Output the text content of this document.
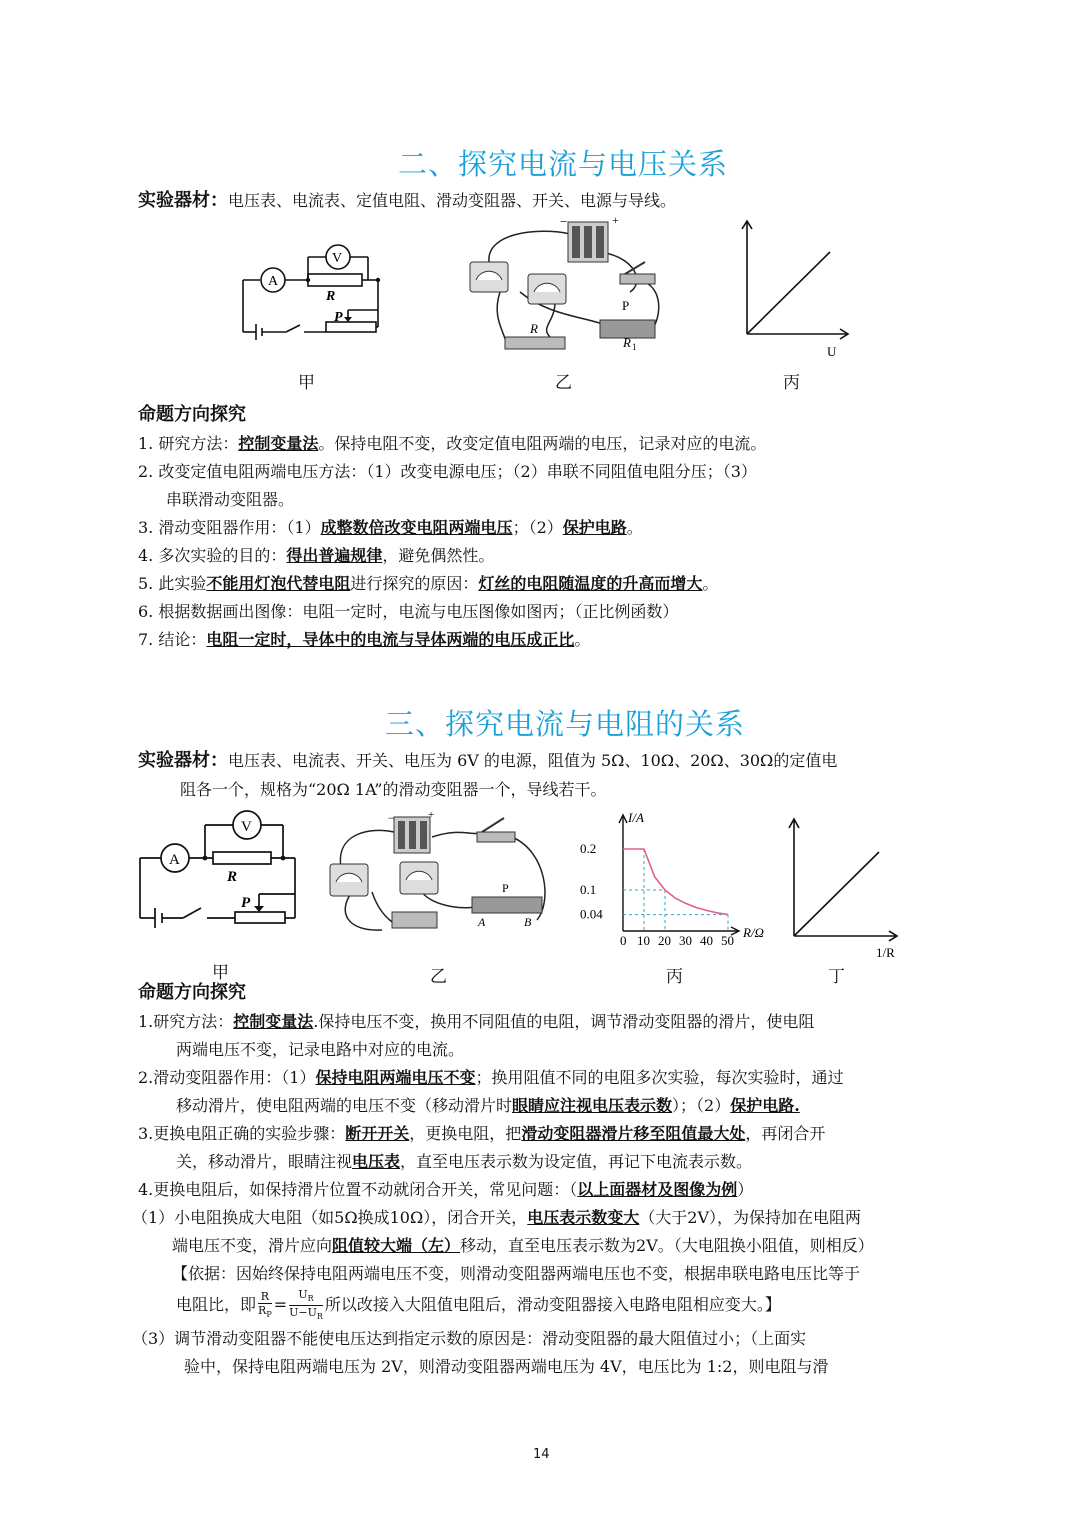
二、探究电流与电压关系
实验器材：电压表、电流表、定值电阻、滑动变阻器、开关、电源与导线。
V
A
R
P
−	+
R
P
R 1	U
甲	乙	丙
命题方向探究
1. 研究方法：控制变量法。保持电阻不变，改变定值电阻两端的电压，记录对应的电流。
2. 改变定值电阻两端电压方法：（1）改变电源电压；（2）串联不同阻值电阻分压；（3）
串联滑动变阻器。
3. 滑动变阻器作用：（1）成整数倍改变电阻两端电压；（2）保护电路。
4. 多次实验的目的：得出普遍规律，避免偶然性。
5. 此实验不能用灯泡代替电阻进行探究的原因：灯丝的电阻随温度的升高而增大。
6. 根据数据画出图像：电阻一定时，电流与电压图像如图丙；（正比例函数）
7. 结论：电阻一定时，导体中的电流与导体两端的电压成正比。
三、探究电流与电阻的关系
实验器材：电压表、电流表、开关、电压为 6V 的电源，阻值为 5Ω、10Ω、20Ω、30Ω的定值电
阻各一个，规格为“20Ω 1A”的滑动变阻器一个，导线若干。
V
A
R
P
−	+
P
A	B
0 10 20 30 40 50
0.2
0.1
0.04
I/A
R/Ω
1/R
甲	乙	丙	丁
命题方向探究
1.研究方法：控制变量法.保持电压不变，换用不同阻值的电阻，调节滑动变阻器的滑片，使电阻
两端电压不变，记录电路中对应的电流。
2.滑动变阻器作用：（1）保持电阻两端电压不变；换用阻值不同的电阻多次实验，每次实验时，通过
移动滑片，使电阻两端的电压不变（移动滑片时眼睛应注视电压表示数）；（2）保护电路.
3.更换电阻正确的实验步骤：断开开关，更换电阻，把滑动变阻器滑片移至阻值最大处，再闭合开
关，移动滑片，眼睛注视电压表，直至电压表示数为设定值，再记下电流表示数。
4.更换电阻后，如保持滑片位置不动就闭合开关，常见问题：（以上面器材及图像为例）
（1）小电阻换成大电阻（如5Ω换成10Ω），闭合开关，电压表示数变大（大于2V），为保持加在电阻两
端电压不变，滑片应向阻值较大端（左）移动，直至电压表示数为2V。（大电阻换小阻值，则相反）
【依据：因始终保持电阻两端电压不变，则滑动变阻器两端电压也不变，根据串联电路电压比等于
电阻比，即 $\frac{R}{R_P} = \frac{U_R}{U-U_R}$ 所以改接入大阻值电阻后，滑动变阻器接入电路电阻相应变大。】
（3）调节滑动变阻器不能使电压达到指定示数的原因是：滑动变阻器的最大阻值过小；（上面实
验中，保持电阻两端电压为 2V，则滑动变阻器两端电压为 4V，电压比为 1:2，则电阻与滑
14
